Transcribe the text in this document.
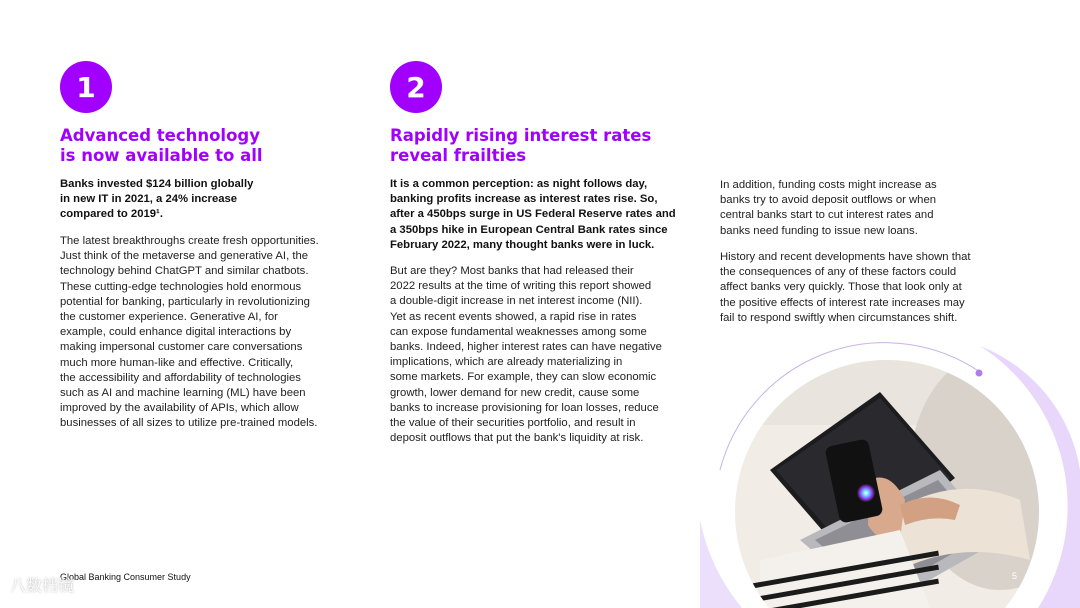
1
Advanced technology
is now available to all
Banks invested $124 billion globally
in new IT in 2021, a 24% increase
compared to 2019¹.
The latest breakthroughs create fresh opportunities.
Just think of the metaverse and generative AI, the
technology behind ChatGPT and similar chatbots.
These cutting-edge technologies hold enormous
potential for banking, particularly in revolutionizing
the customer experience. Generative AI, for
example, could enhance digital interactions by
making impersonal customer care conversations
much more human-like and effective. Critically,
the accessibility and affordability of technologies
such as AI and machine learning (ML) have been
improved by the availability of APIs, which allow
businesses of all sizes to utilize pre-trained models.
2
Rapidly rising interest rates
reveal frailties
It is a common perception: as night follows day,
banking profits increase as interest rates rise. So,
after a 450bps surge in US Federal Reserve rates and
a 350bps hike in European Central Bank rates since
February 2022, many thought banks were in luck.
But are they? Most banks that had released their
2022 results at the time of writing this report showed
a double-digit increase in net interest income (NII).
Yet as recent events showed, a rapid rise in rates
can expose fundamental weaknesses among some
banks. Indeed, higher interest rates can have negative
implications, which are already materializing in
some markets. For example, they can slow economic
growth, lower demand for new credit, cause some
banks to increase provisioning for loan losses, reduce
the value of their securities portfolio, and result in
deposit outflows that put the bank's liquidity at risk.
In addition, funding costs might increase as
banks try to avoid deposit outflows or when
central banks start to cut interest rates and
banks need funding to issue new loans.
History and recent developments have shown that
the consequences of any of these factors could
affect banks very quickly. Those that look only at
the positive effects of interest rate increases may
fail to respond swiftly when circumstances shift.
Global Banking Consumer Study	5
八数档镜
